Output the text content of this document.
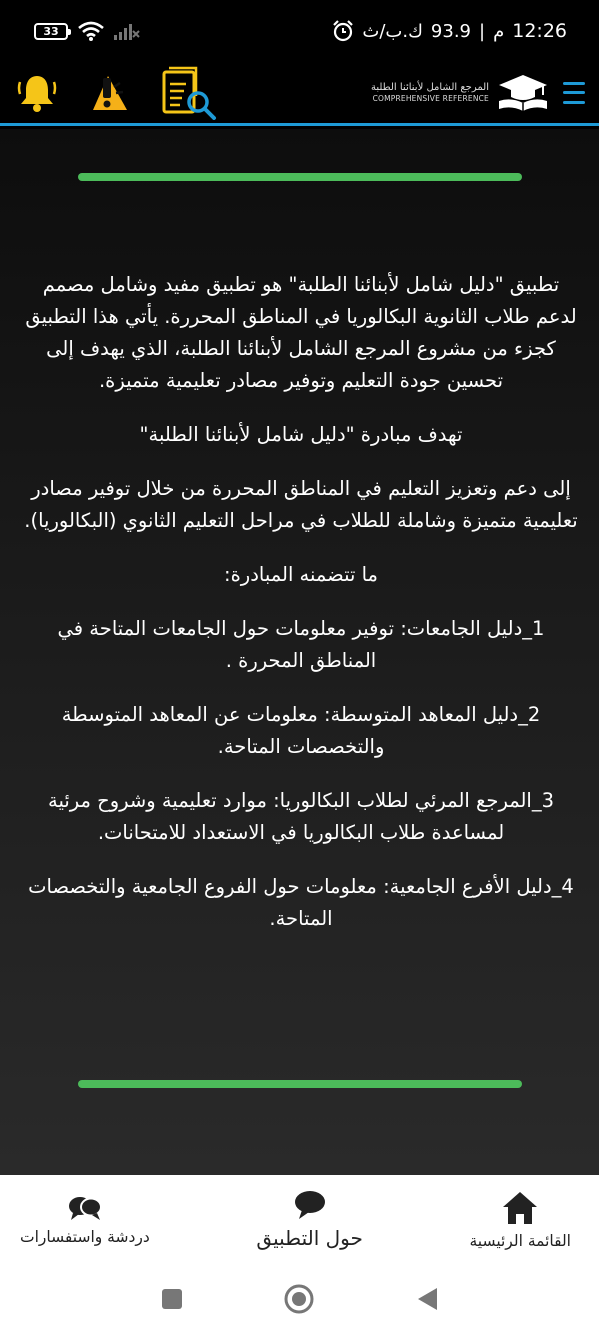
33	ك.ب/ث 93.9 | م 12:26
المرجع الشامل لأبنائنا الطلبة
COMPREHENSIVE REFERENCE

تطبيق "دليل شامل لأبنائنا الطلبة" هو تطبيق مفيد وشامل مصمم لدعم طلاب الثانوية البكالوريا في المناطق المحررة. يأتي هذا التطبيق كجزء من مشروع المرجع الشامل لأبنائنا الطلبة، الذي يهدف إلى تحسين جودة التعليم وتوفير مصادر تعليمية متميزة.

تهدف مبادرة "دليل شامل لأبنائنا الطلبة"

إلى دعم وتعزيز التعليم في المناطق المحررة من خلال توفير مصادر تعليمية متميزة وشاملة للطلاب في مراحل التعليم الثانوي (البكالوريا).

ما تتضمنه المبادرة:

1_دليل الجامعات: توفير معلومات حول الجامعات المتاحة في المناطق المحررة .

2_دليل المعاهد المتوسطة: معلومات عن المعاهد المتوسطة والتخصصات المتاحة.

3_المرجع المرئي لطلاب البكالوريا: موارد تعليمية وشروح مرئية لمساعدة طلاب البكالوريا في الاستعداد للامتحانات.

4_دليل الأفرع الجامعية: معلومات حول الفروع الجامعية والتخصصات المتاحة.

دردشة واستفسارات	حول التطبيق	القائمة الرئيسية
